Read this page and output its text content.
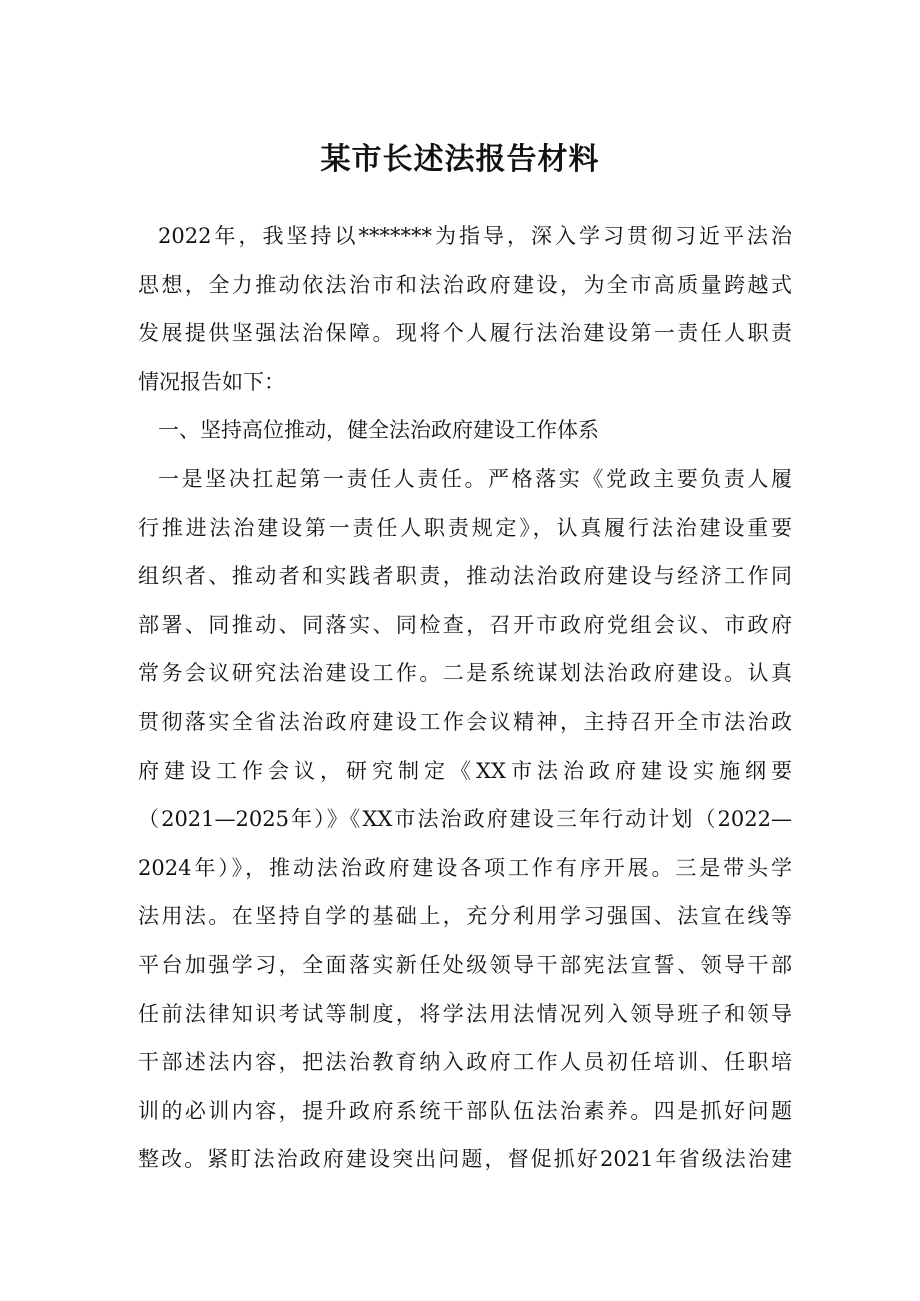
某市长述法报告材料
2022年，我坚持以*******为指导，深入学习贯彻习近平法治
思想，全力推动依法治市和法治政府建设，为全市高质量跨越式
发展提供坚强法治保障。现将个人履行法治建设第一责任人职责
情况报告如下：
一、坚持高位推动，健全法治政府建设工作体系
一是坚决扛起第一责任人责任。严格落实《党政主要负责人履
行推进法治建设第一责任人职责规定》，认真履行法治建设重要
组织者、推动者和实践者职责，推动法治政府建设与经济工作同
部署、同推动、同落实、同检查，召开市政府党组会议、市政府
常务会议研究法治建设工作。二是系统谋划法治政府建设。认真
贯彻落实全省法治政府建设工作会议精神，主持召开全市法治政
府建设工作会议，研究制定《XX市法治政府建设实施纲要
（2021—2025年）》《XX市法治政府建设三年行动计划（2022—
2024年）》，推动法治政府建设各项工作有序开展。三是带头学
法用法。在坚持自学的基础上，充分利用学习强国、法宣在线等
平台加强学习，全面落实新任处级领导干部宪法宣誓、领导干部
任前法律知识考试等制度，将学法用法情况列入领导班子和领导
干部述法内容，把法治教育纳入政府工作人员初任培训、任职培
训的必训内容，提升政府系统干部队伍法治素养。四是抓好问题
整改。紧盯法治政府建设突出问题，督促抓好2021年省级法治建
